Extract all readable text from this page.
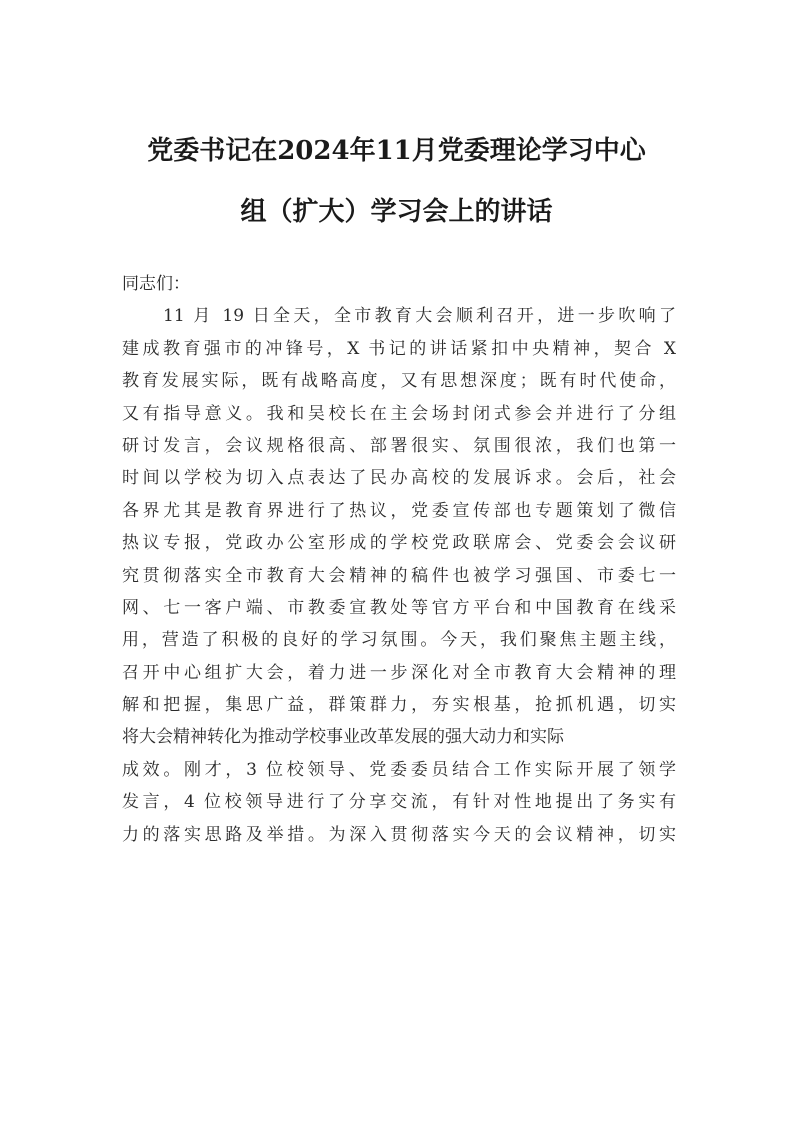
党委书记在2024年11月党委理论学习中心
组（扩大）学习会上的讲话
同志们：
11 月 19 日全天，全市教育大会顺利召开，进一步吹响了
建成教育强市的冲锋号，X 书记的讲话紧扣中央精神，契合 X
教育发展实际，既有战略高度，又有思想深度；既有时代使命，
又有指导意义。我和吴校长在主会场封闭式参会并进行了分组
研讨发言，会议规格很高、部署很实、氛围很浓，我们也第一
时间以学校为切入点表达了民办高校的发展诉求。会后，社会
各界尤其是教育界进行了热议，党委宣传部也专题策划了微信
热议专报，党政办公室形成的学校党政联席会、党委会会议研
究贯彻落实全市教育大会精神的稿件也被学习强国、市委七一
网、七一客户端、市教委宣教处等官方平台和中国教育在线采
用，营造了积极的良好的学习氛围。今天，我们聚焦主题主线，
召开中心组扩大会，着力进一步深化对全市教育大会精神的理
解和把握，集思广益，群策群力，夯实根基，抢抓机遇，切实
将大会精神转化为推动学校事业改革发展的强大动力和实际
成效。刚才，3 位校领导、党委委员结合工作实际开展了领学
发言，4 位校领导进行了分享交流，有针对性地提出了务实有
力的落实思路及举措。为深入贯彻落实今天的会议精神，切实
